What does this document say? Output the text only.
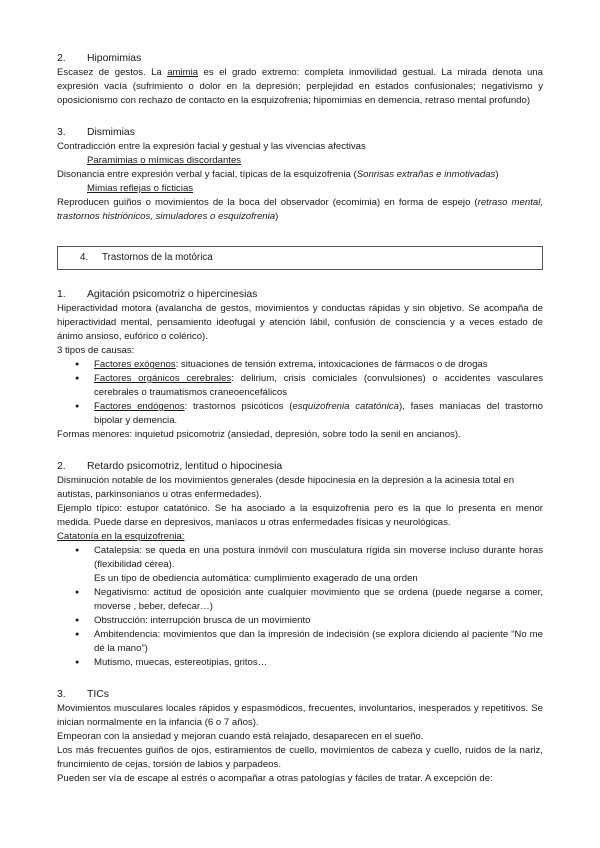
2. Hipomimias

Escasez de gestos. La amimia es el grado extremo: completa inmovilidad gestual. La mirada denota una expresión vacía (sufrimiento o dolor en la depresión; perplejidad en estados confusionales; negativismo y oposicionismo con rechazo de contacto en la esquizofrenia; hipomimias en demencia, retraso mental profundo)

3. Dismimias

Contradicción entre la expresión facial y gestual y las vivencias afectivas

Paramimias o mímicas discordantes

Disonancia entre expresión verbal y facial, típicas de la esquizofrenia (Sonrisas extrañas e inmotivadas)

Mimias reflejas o ficticias

Reproducen guiños o movimientos de la boca del observador (ecomimia) en forma de espejo (retraso mental, trastornos histriónicos, simuladores o esquizofrenia)

4. Trastornos de la motórica

1. Agitación psicomotriz o hipercinesias

Hiperactividad motora (avalancha de gestos, movimientos y conductas rápidas y sin objetivo. Se acompaña de hiperactividad mental, pensamiento ideofugal y atención lábil, confusión de consciencia y a veces estado de ánimo ansioso, eufórico o colérico).

3 tipos de causas:

● Factores exógenos: situaciones de tensión extrema, intoxicaciones de fármacos o de drogas
● Factores orgánicos cerebrales: delirium, crisis comiciales (convulsiones) o accidentes vasculares cerebrales o traumatismos craneoencefálicos
● Factores endógenos: trastornos psicóticos (esquizofrenia catatónica), fases maníacas del trastorno bipolar y demencia.

Formas menores: inquietud psicomotriz (ansiedad, depresión, sobre todo la senil en ancianos).

2. Retardo psicomotriz, lentitud o hipocinesia

Disminución notable de los movimientos generales (desde hipocinesia en la depresión a la acinesia total en autistas, parkinsonianos u otras enfermedades).

Ejemplo típico: estupor catatónico. Se ha asociado a la esquizofrenia pero es la que lo presenta en menor medida. Puede darse en depresivos, maníacos u otras enfermedades físicas y neurológicas.

Catatonía en la esquizofrenia:

● Catalepsia: se queda en una postura inmóvil con musculatura rígida sin moverse incluso durante horas (flexibilidad cérea).
Es un tipo de obediencia automática: cumplimiento exagerado de una orden
● Negativismo: actitud de oposición ante cualquier movimiento que se ordena (puede negarse a comer, moverse , beber, defecar…)
● Obstrucción: interrupción brusca de un movimiento
● Ambitendencia: movimientos que dan la impresión de indecisión (se explora diciendo al paciente “No me dé la mano”)
● Mutismo, muecas, estereotipias, gritos…

3. TICs

Movimientos musculares locales rápidos y espasmódicos, frecuentes, involuntarios, inesperados y repetitivos. Se inician normalmente en la infancia (6 o 7 años).

Empeoran con la ansiedad y mejoran cuando está relajado, desaparecen en el sueño.

Los más frecuentes guiños de ojos, estiramientos de cuello, movimientos de cabeza y cuello, ruidos de la nariz, fruncimiento de cejas, torsión de labios y parpadeos.

Pueden ser vía de escape al estrés o acompañar a otras patologías y fáciles de tratar. A excepción de:
